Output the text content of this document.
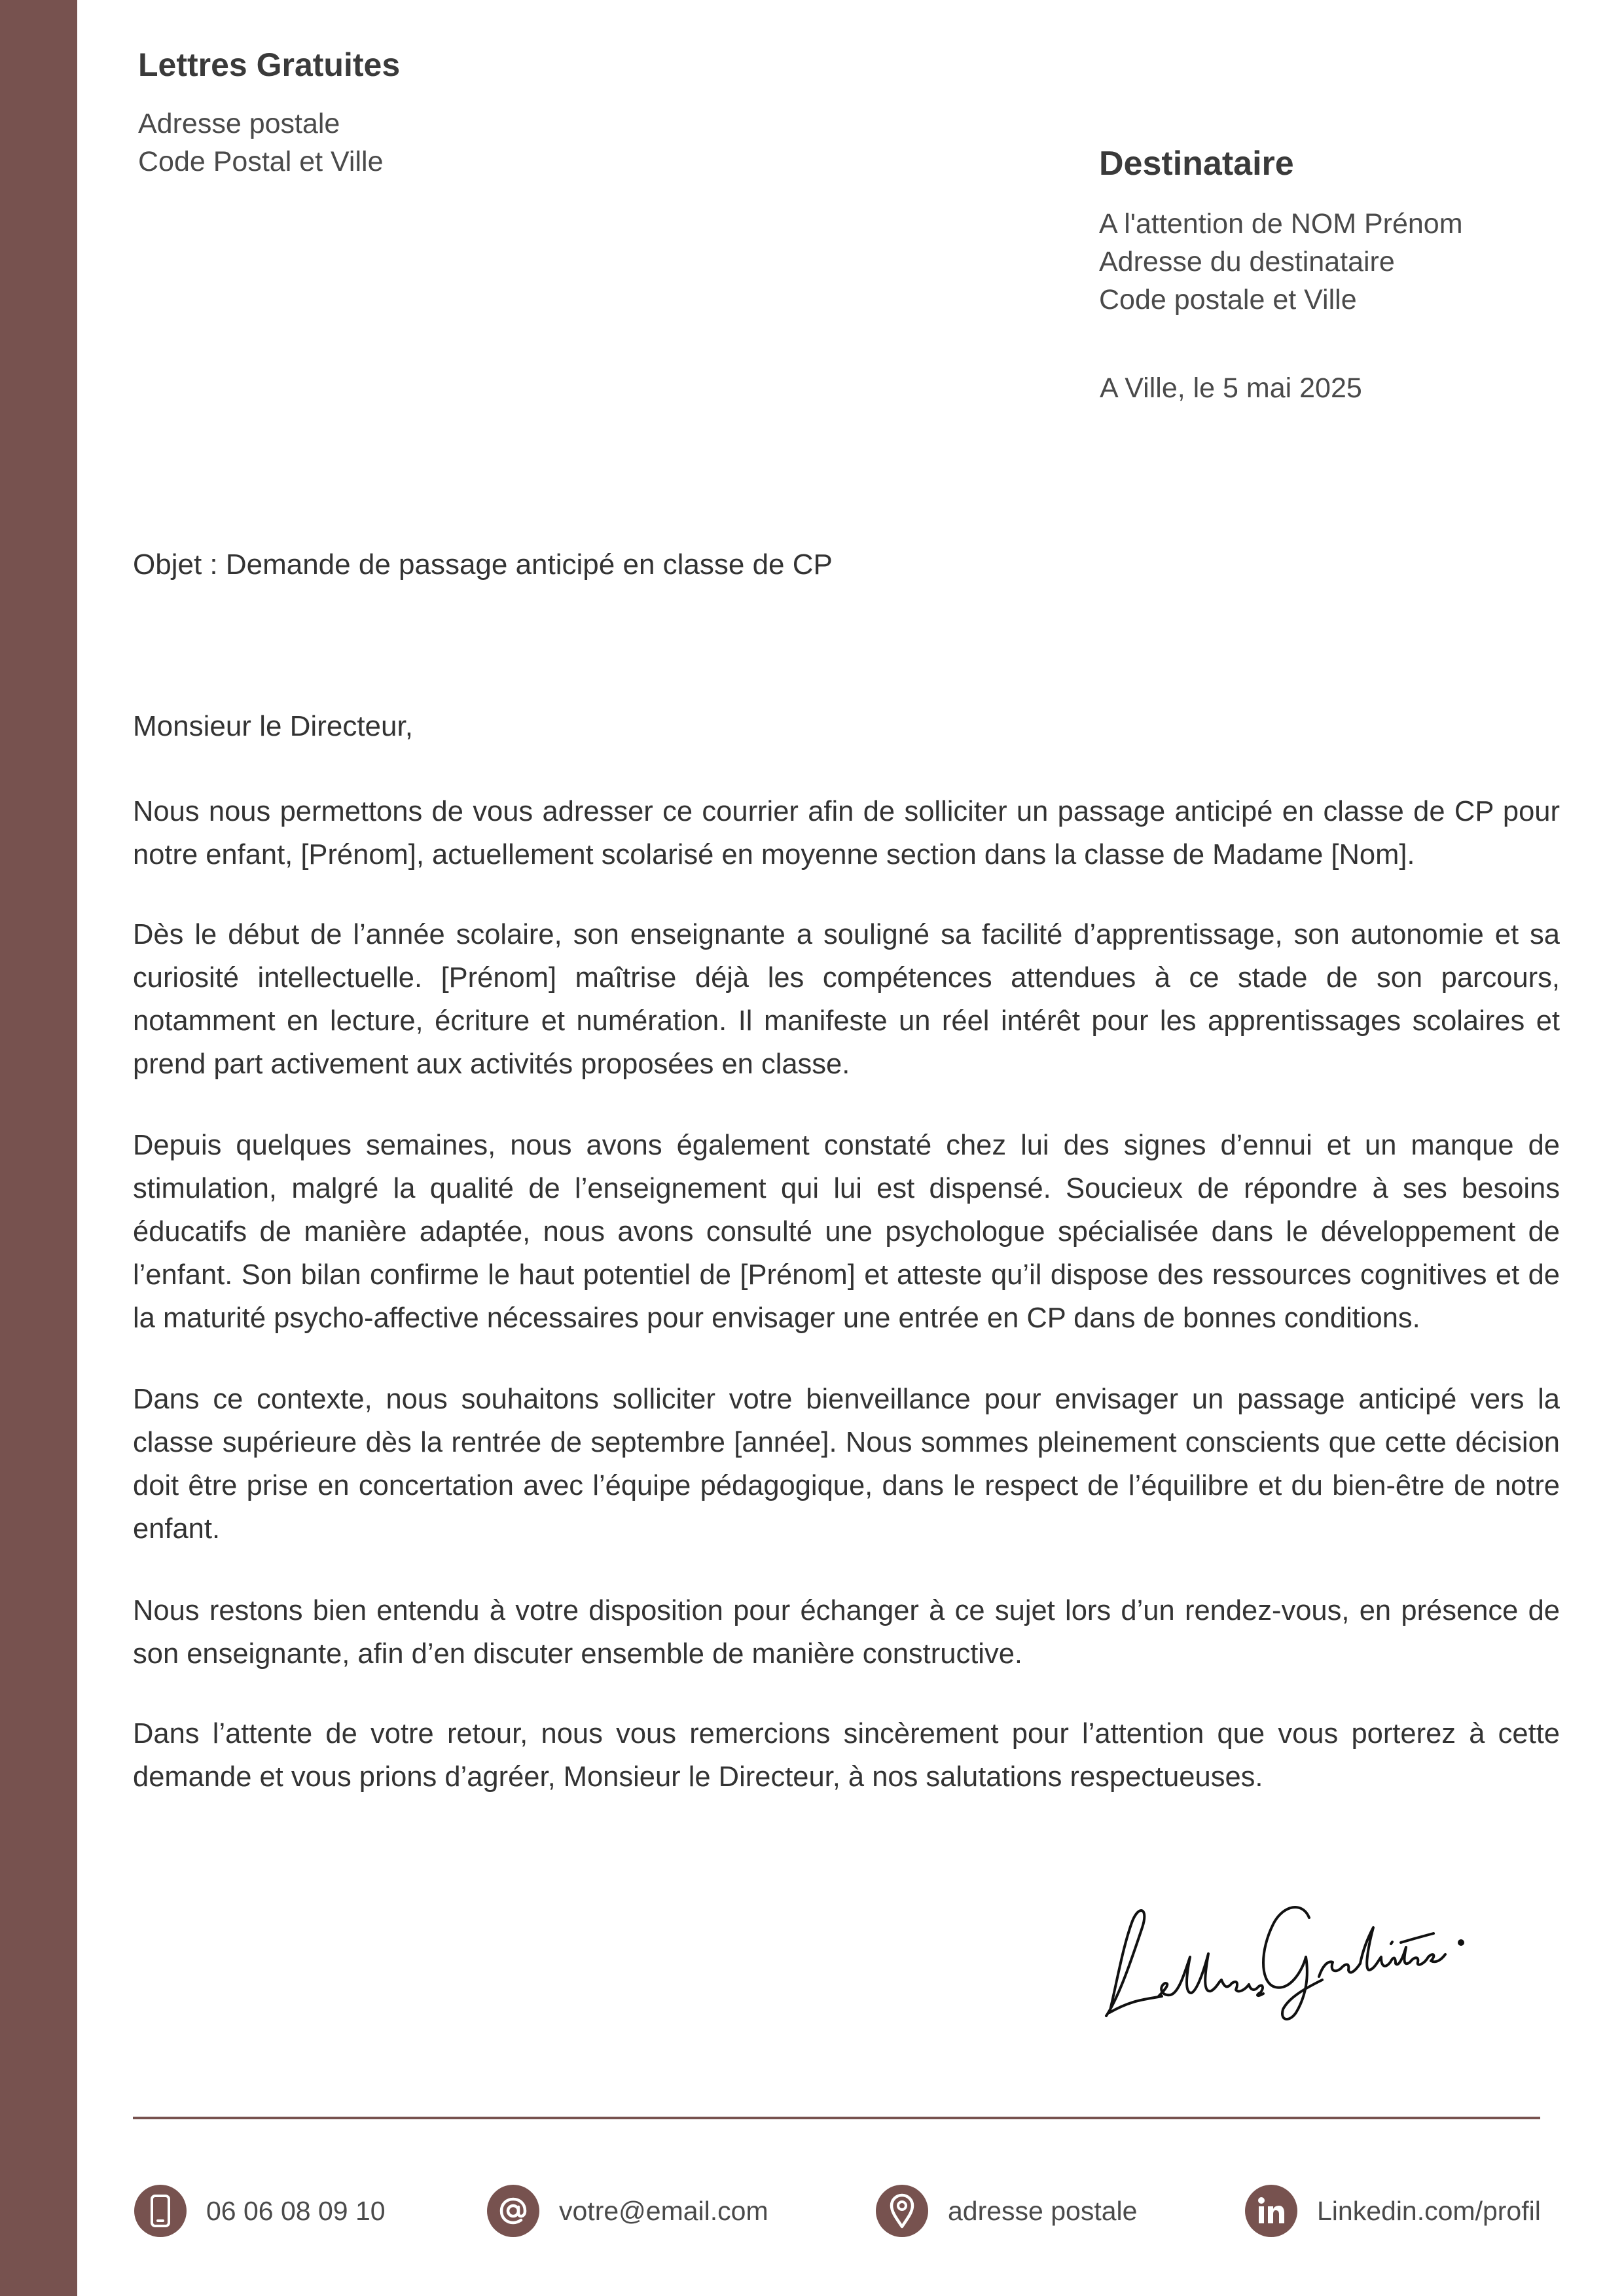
Lettres Gratuites
Adresse postale
Code Postal et Ville	Destinataire
A l'attention de NOM Prénom
Adresse du destinataire
Code postale et Ville
A Ville, le 5 mai 2025
Objet : Demande de passage anticipé en classe de CP
Monsieur le Directeur,
Nous nous permettons de vous adresser ce courrier afin de solliciter un passage anticipé en classe de CP pour notre enfant, [Prénom], actuellement scolarisé en moyenne section dans la classe de Madame [Nom].
Dès le début de l’année scolaire, son enseignante a souligné sa facilité d’apprentissage, son autonomie et sa curiosité intellectuelle. [Prénom] maîtrise déjà les compétences attendues à ce stade de son parcours, notamment en lecture, écriture et numération. Il manifeste un réel intérêt pour les apprentissages scolaires et prend part activement aux activités proposées en classe.
Depuis quelques semaines, nous avons également constaté chez lui des signes d’ennui et un manque de stimulation, malgré la qualité de l’enseignement qui lui est dispensé. Soucieux de répondre à ses besoins éducatifs de manière adaptée, nous avons consulté une psychologue spécialisée dans le développement de l’enfant. Son bilan confirme le haut potentiel de [Prénom] et atteste qu’il dispose des ressources cognitives et de la maturité psycho-affective nécessaires pour envisager une entrée en CP dans de bonnes conditions.
Dans ce contexte, nous souhaitons solliciter votre bienveillance pour envisager un passage anticipé vers la classe supérieure dès la rentrée de septembre [année]. Nous sommes pleinement conscients que cette décision doit être prise en concertation avec l’équipe pédagogique, dans le respect de l’équilibre et du bien-être de notre enfant.
Nous restons bien entendu à votre disposition pour échanger à ce sujet lors d’un rendez-vous, en présence de son enseignante, afin d’en discuter ensemble de manière constructive.
Dans l’attente de votre retour, nous vous remercions sincèrement pour l’attention que vous porterez à cette demande et vous prions d’agréer, Monsieur le Directeur, à nos salutations respectueuses.
06 06 08 09 10	votre@email.com	adresse postale	Linkedin.com/profil
